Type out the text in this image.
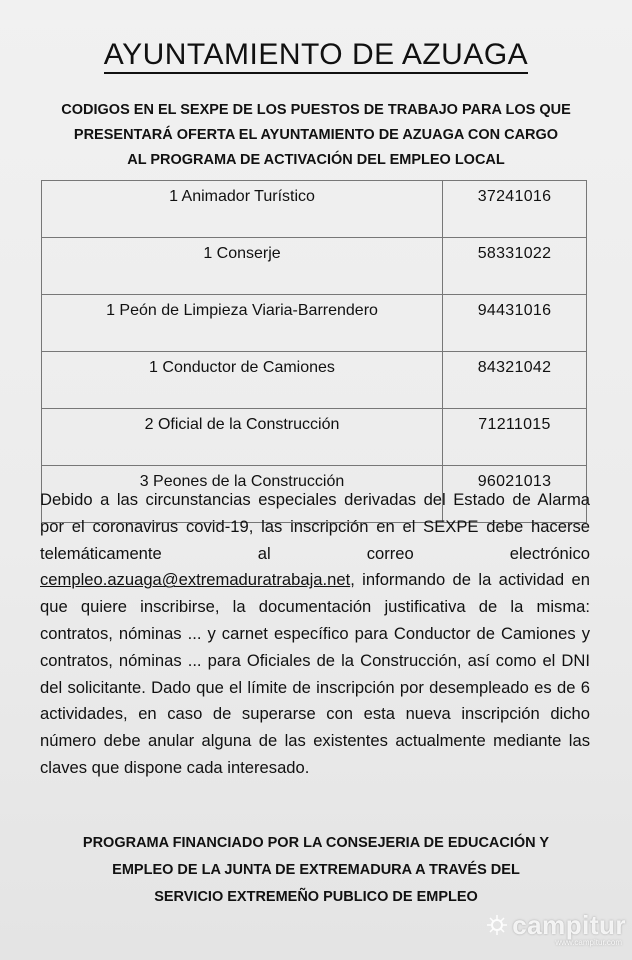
AYUNTAMIENTO DE AZUAGA
CODIGOS EN EL SEXPE DE LOS PUESTOS DE TRABAJO PARA LOS QUE
PRESENTARÁ OFERTA EL AYUNTAMIENTO DE AZUAGA CON CARGO
AL PROGRAMA DE ACTIVACIÓN DEL EMPLEO LOCAL
1 Animador Turístico	37241016
1 Conserje	58331022
1 Peón de Limpieza Viaria-Barrendero	94431016
1 Conductor de Camiones	84321042
2 Oficial de la Construcción	71211015
3 Peones de la Construcción	96021013
Debido a las circunstancias especiales derivadas del Estado de Alarma por el coronavirus covid-19, las inscripción en el SEXPE debe hacerse telemáticamente al correo electrónico cempleo.azuaga@extremaduratrabaja.net, informando de la actividad en que quiere inscribirse, la documentación justificativa de la misma: contratos, nóminas ... y carnet específico para Conductor de Camiones y contratos, nóminas ... para Oficiales de la Construcción, así como el DNI del solicitante. Dado que el límite de inscripción por desempleado es de 6 actividades, en caso de superarse con esta nueva inscripción dicho número debe anular alguna de las existentes actualmente mediante las claves que dispone cada interesado.
PROGRAMA FINANCIADO POR LA CONSEJERIA DE EDUCACIÓN Y
EMPLEO DE LA JUNTA DE EXTREMADURA A TRAVÉS DEL
SERVICIO EXTREMEÑO PUBLICO DE EMPLEO
campitur
www.campitur.com
